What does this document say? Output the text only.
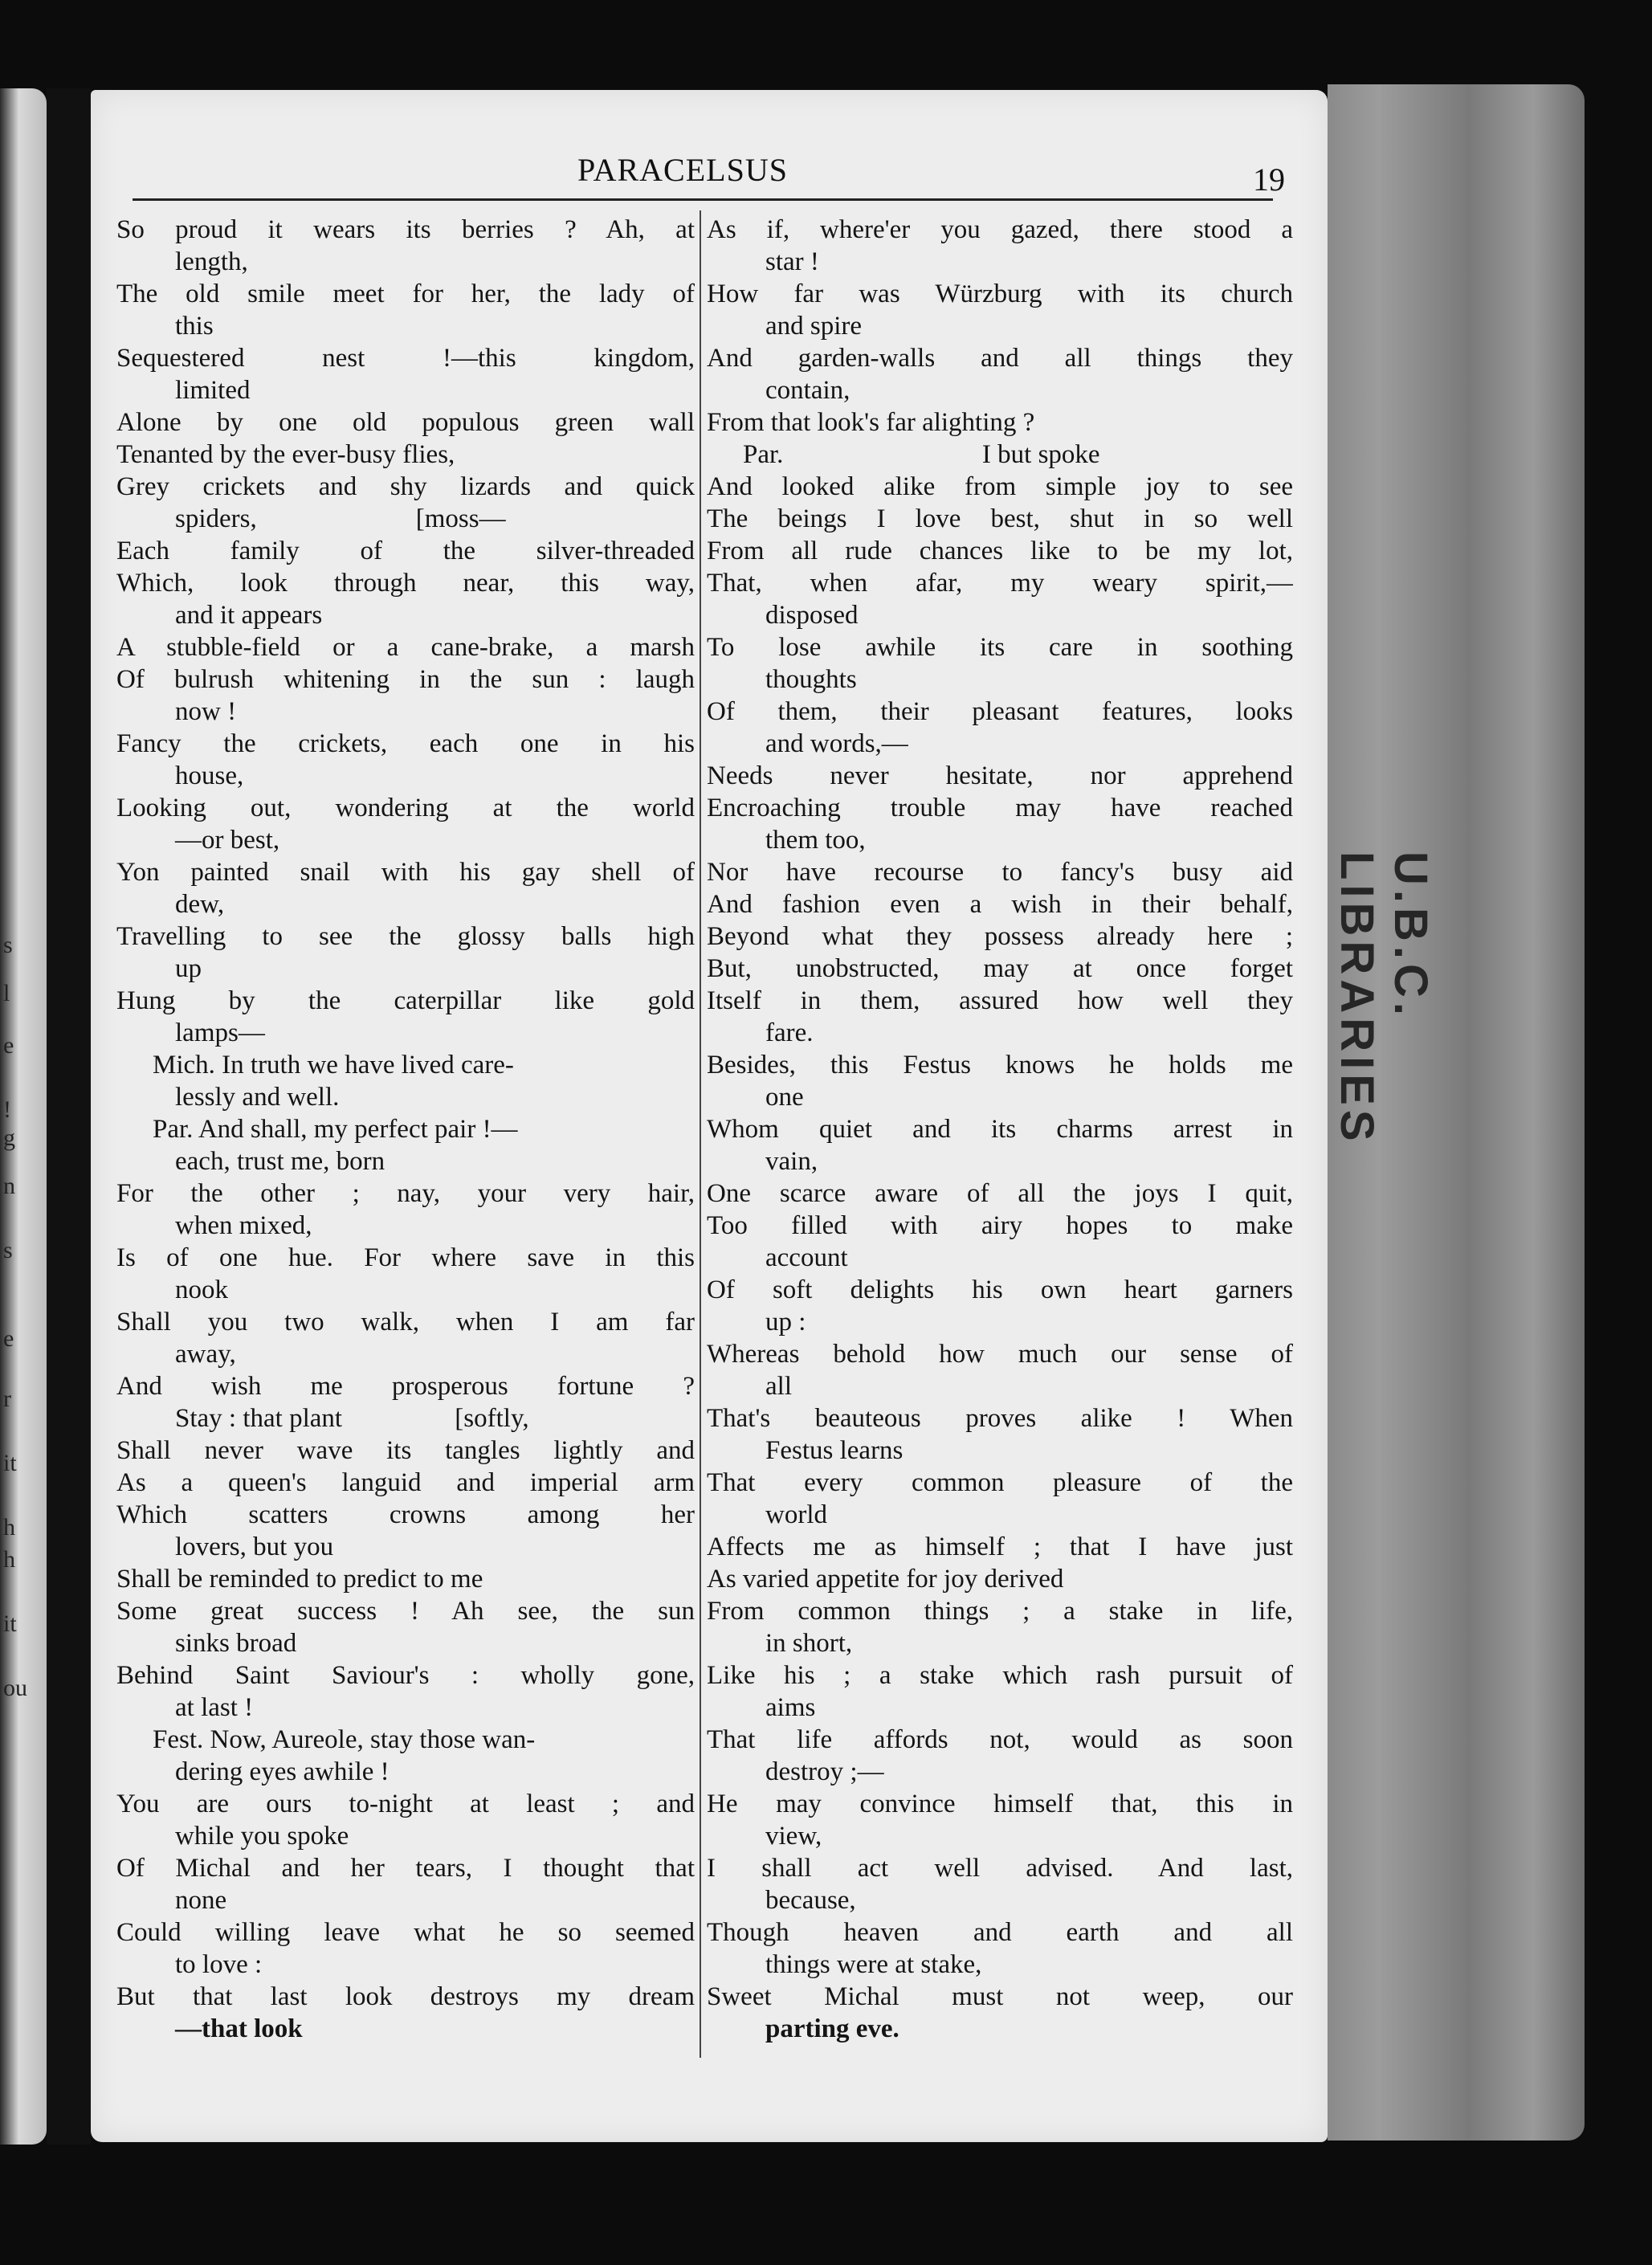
s
l
e
!
g
n
s
e
r
it
h
h
it
ou
U.B.C. LIBRARIES
PARACELSUS	19
So proud it wears its berries ? Ah, at
length,
The old smile meet for her, the lady of
this
Sequestered nest !—this kingdom,
limited
Alone by one old populous green wall
Tenanted by the ever-busy flies,
Grey crickets and shy lizards and quick
spiders,                        [moss—
Each family of the silver-threaded
Which, look through near, this way,
and it appears
A stubble-field or a cane-brake, a marsh
Of bulrush whitening in the sun : laugh
now !
Fancy the crickets, each one in his
house,
Looking out, wondering at the world
—or best,
Yon painted snail with his gay shell of
dew,
Travelling to see the glossy balls high
up
Hung by the caterpillar like gold
lamps—
Mich. In truth we have lived care-
lessly and well.
Par. And shall, my perfect pair !—
each, trust me, born
For the other ; nay, your very hair,
when mixed,
Is of one hue. For where save in this
nook
Shall you two walk, when I am far
away,
And wish me prosperous fortune ?
Stay : that plant                 [softly,
Shall never wave its tangles lightly and
As a queen's languid and imperial arm
Which scatters crowns among her
lovers, but you
Shall be reminded to predict to me
Some great success ! Ah see, the sun
sinks broad
Behind Saint Saviour's : wholly gone,
at last !
Fest. Now, Aureole, stay those wan-
dering eyes awhile !
You are ours to-night at least ; and
while you spoke
Of Michal and her tears, I thought that
none
Could willing leave what he so seemed
to love :
But that last look destroys my dream
—that look
As if, where'er you gazed, there stood a
star !
How far was Würzburg with its church
and spire
And garden-walls and all things they
contain,
From that look's far alighting ?
Par.                              I but spoke
And looked alike from simple joy to see
The beings I love best, shut in so well
From all rude chances like to be my lot,
That, when afar, my weary spirit,—
disposed
To lose awhile its care in soothing
thoughts
Of them, their pleasant features, looks
and words,—
Needs never hesitate, nor apprehend
Encroaching trouble may have reached
them too,
Nor have recourse to fancy's busy aid
And fashion even a wish in their behalf,
Beyond what they possess already here ;
But, unobstructed, may at once forget
Itself in them, assured how well they
fare.
Besides, this Festus knows he holds me
one
Whom quiet and its charms arrest in
vain,
One scarce aware of all the joys I quit,
Too filled with airy hopes to make
account
Of soft delights his own heart garners
up :
Whereas behold how much our sense of
all
That's beauteous proves alike ! When
Festus learns
That every common pleasure of the
world
Affects me as himself ; that I have just
As varied appetite for joy derived
From common things ; a stake in life,
in short,
Like his ; a stake which rash pursuit of
aims
That life affords not, would as soon
destroy ;—
He may convince himself that, this in
view,
I shall act well advised. And last,
because,
Though heaven and earth and all
things were at stake,
Sweet Michal must not weep, our
parting eve.
